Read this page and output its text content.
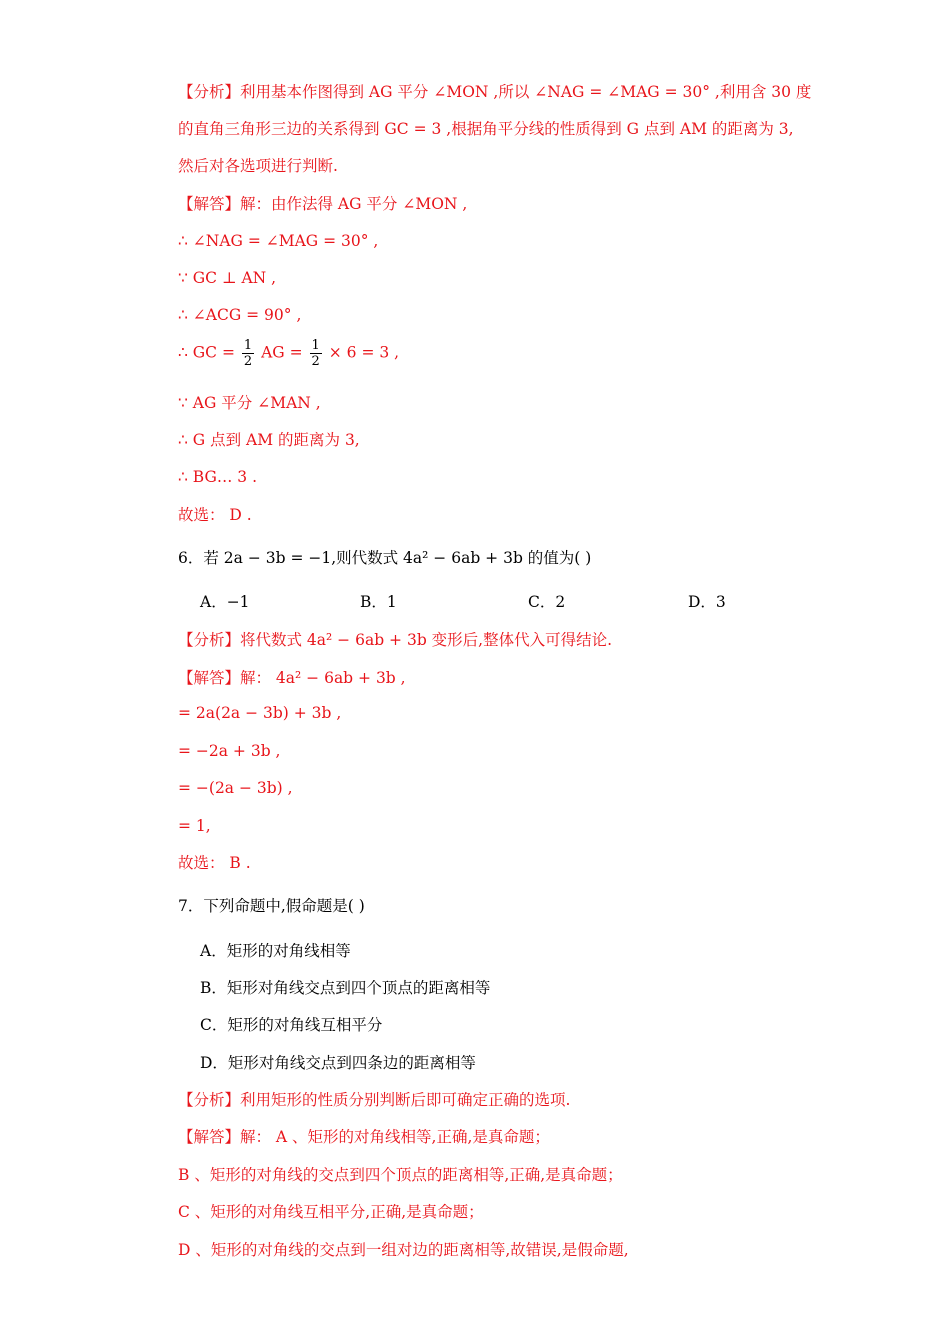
【分析】利用基本作图得到 AG 平分 ∠MON ,所以 ∠NAG = ∠MAG = 30° ,利用含 30 度
的直角三角形三边的关系得到 GC = 3 ,根据角平分线的性质得到 G 点到 AM 的距离为 3,
然后对各选项进行判断.
【解答】解：由作法得 AG 平分 ∠MON ,
∴ ∠NAG = ∠MAG = 30° ,
∵ GC ⊥ AN ,
∴ ∠ACG = 90° ,
∴ GC = $\frac{1}{2}$ AG = $\frac{1}{2} \times 6 = 3$ ,
∵ AG 平分 ∠MAN ,
∴ G 点到 AM 的距离为 3,
∴ BG… 3 .
故选： D .
6．若 2a − 3b = −1,则代数式 4a² − 6ab + 3b 的值为( )
A．−1	B．1	C．2	D．3
【分析】将代数式 4a² − 6ab + 3b 变形后,整体代入可得结论.
【解答】解： 4a² − 6ab + 3b ,
= 2a(2a − 3b) + 3b ,
= −2a + 3b ,
= −(2a − 3b) ,
= 1,
故选： B .
7．下列命题中,假命题是( )
A．矩形的对角线相等
B．矩形对角线交点到四个顶点的距离相等
C．矩形的对角线互相平分
D．矩形对角线交点到四条边的距离相等
【分析】利用矩形的性质分别判断后即可确定正确的选项.
【解答】解： A 、矩形的对角线相等,正确,是真命题；
B 、矩形的对角线的交点到四个顶点的距离相等,正确,是真命题；
C 、矩形的对角线互相平分,正确,是真命题；
D 、矩形的对角线的交点到一组对边的距离相等,故错误,是假命题,
